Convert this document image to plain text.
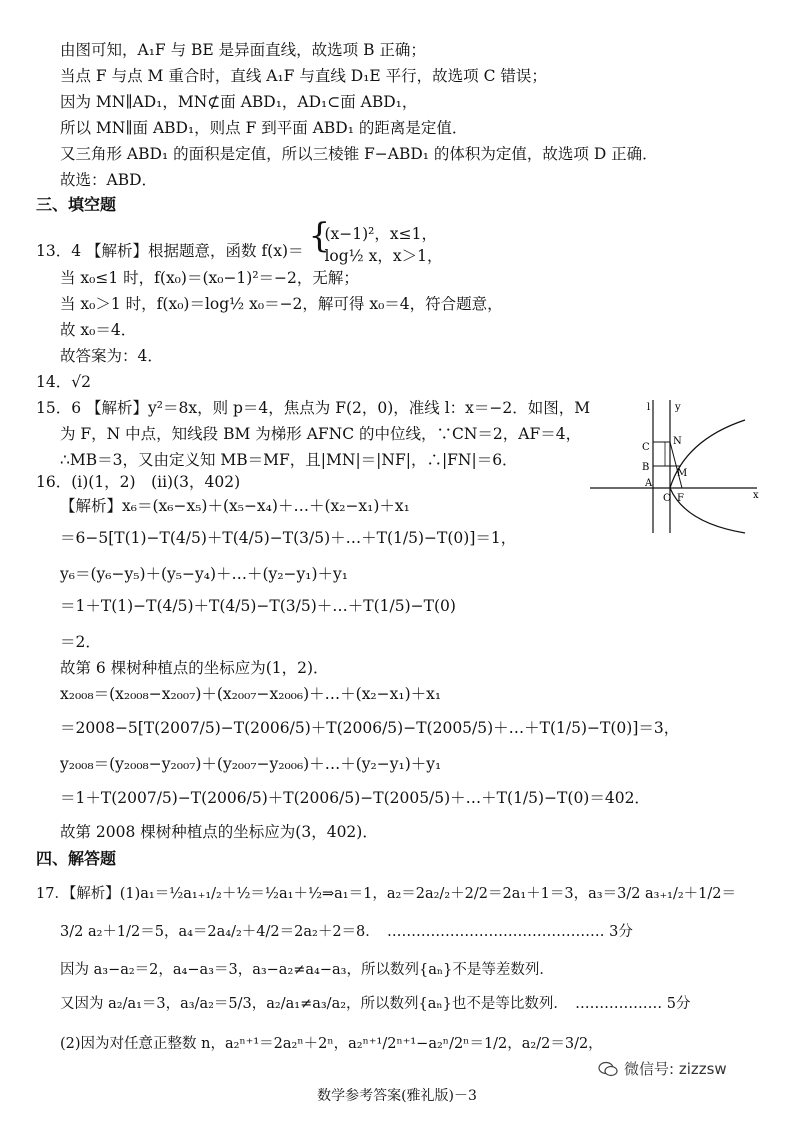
由图可知，A₁F 与 BE 是异面直线，故选项 B 正确；
当点 F 与点 M 重合时，直线 A₁F 与直线 D₁E 平行，故选项 C 错误；
因为 MN∥AD₁，MN⊄面 ABD₁，AD₁⊂面 ABD₁，
所以 MN∥面 ABD₁，则点 F 到平面 ABD₁ 的距离是定值．
又三角形 ABD₁ 的面积是定值，所以三棱锥 F−ABD₁ 的体积为定值，故选项 D 正确．
故选：ABD．
三、填空题
13．4 【解析】根据题意，函数 f(x)＝ {
(x−1)²，x≤1，
log½ x，x＞1，
当 x₀≤1 时，f(x₀)＝(x₀−1)²＝−2，无解；
当 x₀＞1 时，f(x₀)＝log½ x₀＝−2，解可得 x₀＝4，符合题意，
故 x₀＝4．
故答案为：4．
14．√2
15．6 【解析】y²＝8x，则 p＝4，焦点为 F(2，0)，准线 l：x＝−2．如图，M
为 F，N 中点，知线段 BM 为梯形 AFNC 的中位线，∵CN＝2，AF＝4，
∴MB＝3，又由定义知 MB＝MF，且|MN|＝|NF|，∴|FN|＝6．
l y
x
C
N
B
M
A
O F
16．(i)(1，2)　(ii)(3，402)
【解析】x₆＝(x₆−x₅)＋(x₅−x₄)＋…＋(x₂−x₁)＋x₁
＝6−5[T(1)−T(4/5)＋T(4/5)−T(3/5)＋…＋T(1/5)−T(0)]＝1，
y₆＝(y₆−y₅)＋(y₅−y₄)＋…＋(y₂−y₁)＋y₁
＝1＋T(1)−T(4/5)＋T(4/5)−T(3/5)＋…＋T(1/5)−T(0)
＝2．
故第 6 棵树种植点的坐标应为(1，2)．
x₂₀₀₈＝(x₂₀₀₈−x₂₀₀₇)＋(x₂₀₀₇−x₂₀₀₆)＋…＋(x₂−x₁)＋x₁
＝2008−5[T(2007/5)−T(2006/5)＋T(2006/5)−T(2005/5)＋…＋T(1/5)−T(0)]＝3，
y₂₀₀₈＝(y₂₀₀₈−y₂₀₀₇)＋(y₂₀₀₇−y₂₀₀₆)＋…＋(y₂−y₁)＋y₁
＝1＋T(2007/5)−T(2006/5)＋T(2006/5)−T(2005/5)＋…＋T(1/5)−T(0)＝402．
故第 2008 棵树种植点的坐标应为(3，402)．
四、解答题
17．【解析】(1)a₁＝½a₁₊₁/₂＋½＝½a₁＋½⇒a₁＝1，a₂＝2a₂/₂＋2/2＝2a₁＋1＝3，a₃＝3/2 a₃₊₁/₂＋1/2＝
3/2 a₂＋1/2＝5，a₄＝2a₄/₂＋4/2＝2a₂＋2＝8．　……………………………………… 3分
因为 a₃−a₂＝2，a₄−a₃＝3，a₃−a₂≠a₄−a₃，所以数列{aₙ}不是等差数列．
又因为 a₂/a₁＝3，a₃/a₂＝5/3，a₂/a₁≠a₃/a₂，所以数列{aₙ}也不是等比数列．　……………… 5分
(2)因为对任意正整数 n，a₂ⁿ⁺¹＝2a₂ⁿ＋2ⁿ，a₂ⁿ⁺¹/2ⁿ⁺¹−a₂ⁿ/2ⁿ＝1/2，a₂/2＝3/2，
微信号: zizzsw
数学参考答案(雅礼版)－3
